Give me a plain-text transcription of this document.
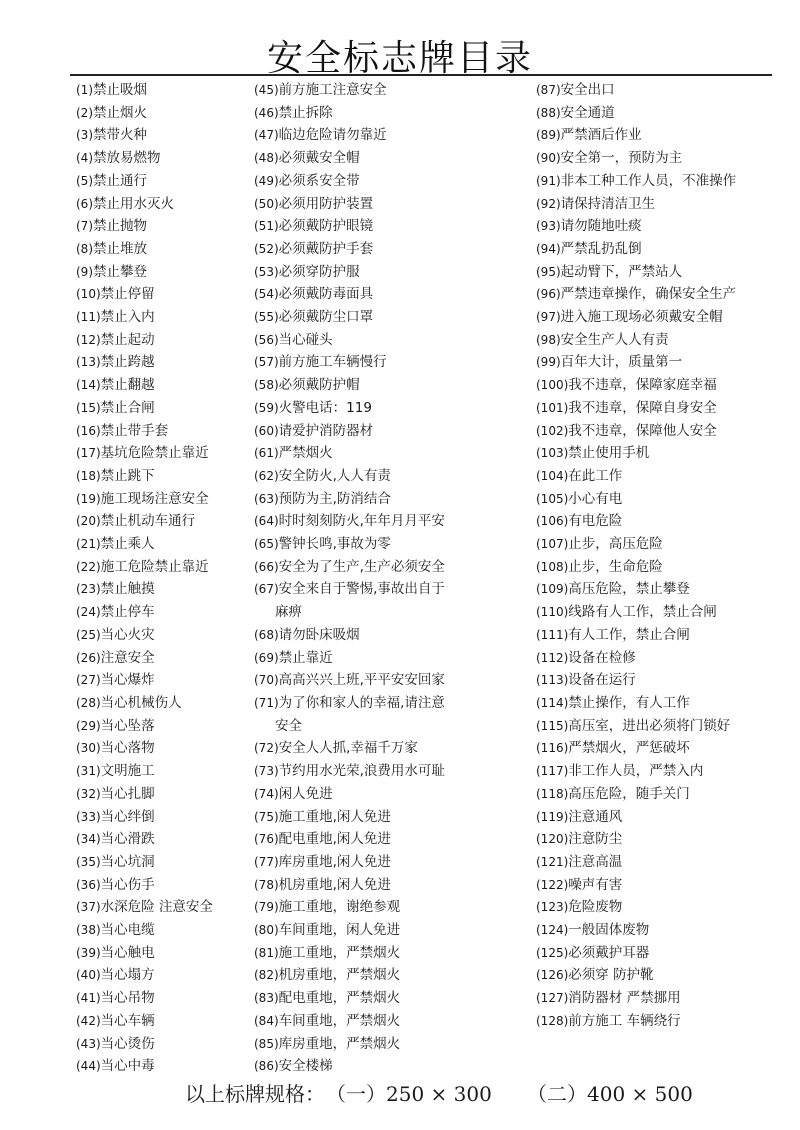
安全标志牌目录
(1)禁止吸烟
(2)禁止烟火
(3)禁带火种
(4)禁放易燃物
(5)禁止通行
(6)禁止用水灭火
(7)禁止抛物
(8)禁止堆放
(9)禁止攀登
(10)禁止停留
(11)禁止入内
(12)禁止起动
(13)禁止跨越
(14)禁止翻越
(15)禁止合闸
(16)禁止带手套
(17)基坑危险禁止靠近
(18)禁止跳下
(19)施工现场注意安全
(20)禁止机动车通行
(21)禁止乘人
(22)施工危险禁止靠近
(23)禁止触摸
(24)禁止停车
(25)当心火灾
(26)注意安全
(27)当心爆炸
(28)当心机械伤人
(29)当心坠落
(30)当心落物
(31)文明施工
(32)当心扎脚
(33)当心绊倒
(34)当心滑跌
(35)当心坑洞
(36)当心伤手
(37)水深危险 注意安全
(38)当心电缆
(39)当心触电
(40)当心塌方
(41)当心吊物
(42)当心车辆
(43)当心烫伤
(44)当心中毒
(45)前方施工注意安全
(46)禁止拆除
(47)临边危险请勿靠近
(48)必须戴安全帽
(49)必须系安全带
(50)必须用防护装置
(51)必须戴防护眼镜
(52)必须戴防护手套
(53)必须穿防护服
(54)必须戴防毒面具
(55)必须戴防尘口罩
(56)当心碰头
(57)前方施工车辆慢行
(58)必须戴防护帽
(59)火警电话：119
(60)请爱护消防器材
(61)严禁烟火
(62)安全防火,人人有责
(63)预防为主,防消结合
(64)时时刻刻防火,年年月月平安
(65)警钟长鸣,事故为零
(66)安全为了生产,生产必须安全
(67)安全来自于警惕,事故出自于
麻痹
(68)请勿卧床吸烟
(69)禁止靠近
(70)高高兴兴上班,平平安安回家
(71)为了你和家人的幸福,请注意
安全
(72)安全人人抓,幸福千万家
(73)节约用水光荣,浪费用水可耻
(74)闲人免进
(75)施工重地,闲人免进
(76)配电重地,闲人免进
(77)库房重地,闲人免进
(78)机房重地,闲人免进
(79)施工重地，谢绝参观
(80)车间重地，闲人免进
(81)施工重地，严禁烟火
(82)机房重地，严禁烟火
(83)配电重地，严禁烟火
(84)车间重地，严禁烟火
(85)库房重地，严禁烟火
(86)安全楼梯
(87)安全出口
(88)安全通道
(89)严禁酒后作业
(90)安全第一，预防为主
(91)非本工种工作人员，不准操作
(92)请保持清洁卫生
(93)请勿随地吐痰
(94)严禁乱扔乱倒
(95)起动臂下，严禁站人
(96)严禁违章操作，确保安全生产
(97)进入施工现场必须戴安全帽
(98)安全生产人人有责
(99)百年大计，质量第一
(100)我不违章，保障家庭幸福
(101)我不违章，保障自身安全
(102)我不违章，保障他人安全
(103)禁止使用手机
(104)在此工作
(105)小心有电
(106)有电危险
(107)止步，高压危险
(108)止步，生命危险
(109)高压危险，禁止攀登
(110)线路有人工作，禁止合闸
(111)有人工作，禁止合闸
(112)设备在检修
(113)设备在运行
(114)禁止操作，有人工作
(115)高压室，进出必须将门锁好
(116)严禁烟火，严惩破坏
(117)非工作人员，严禁入内
(118)高压危险，随手关门
(119)注意通风
(120)注意防尘
(121)注意高温
(122)噪声有害
(123)危险废物
(124)一般固体废物
(125)必须戴护耳器
(126)必须穿 防护靴
(127)消防器材 严禁挪用
(128)前方施工 车辆绕行
以上标牌规格： （一）250 × 300 （二）400 × 500
